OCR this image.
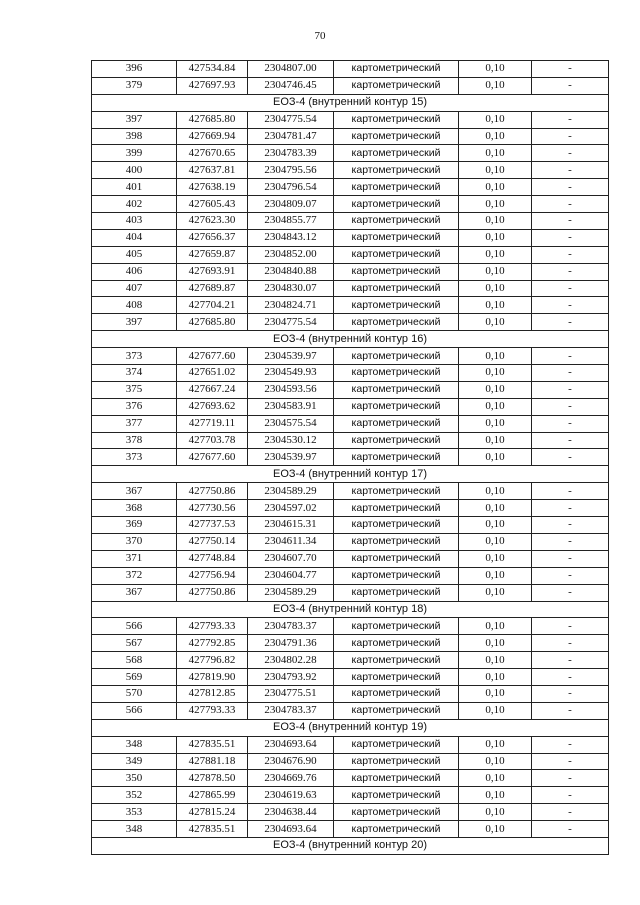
70
396	427534.84	2304807.00	картометрический	0,10	-
379	427697.93	2304746.45	картометрический	0,10	-
ЕОЗ-4 (внутренний контур 15)					
397	427685.80	2304775.54	картометрический	0,10	-
398	427669.94	2304781.47	картометрический	0,10	-
399	427670.65	2304783.39	картометрический	0,10	-
400	427637.81	2304795.56	картометрический	0,10	-
401	427638.19	2304796.54	картометрический	0,10	-
402	427605.43	2304809.07	картометрический	0,10	-
403	427623.30	2304855.77	картометрический	0,10	-
404	427656.37	2304843.12	картометрический	0,10	-
405	427659.87	2304852.00	картометрический	0,10	-
406	427693.91	2304840.88	картометрический	0,10	-
407	427689.87	2304830.07	картометрический	0,10	-
408	427704.21	2304824.71	картометрический	0,10	-
397	427685.80	2304775.54	картометрический	0,10	-
ЕОЗ-4 (внутренний контур 16)					
373	427677.60	2304539.97	картометрический	0,10	-
374	427651.02	2304549.93	картометрический	0,10	-
375	427667.24	2304593.56	картометрический	0,10	-
376	427693.62	2304583.91	картометрический	0,10	-
377	427719.11	2304575.54	картометрический	0,10	-
378	427703.78	2304530.12	картометрический	0,10	-
373	427677.60	2304539.97	картометрический	0,10	-
ЕОЗ-4 (внутренний контур 17)					
367	427750.86	2304589.29	картометрический	0,10	-
368	427730.56	2304597.02	картометрический	0,10	-
369	427737.53	2304615.31	картометрический	0,10	-
370	427750.14	2304611.34	картометрический	0,10	-
371	427748.84	2304607.70	картометрический	0,10	-
372	427756.94	2304604.77	картометрический	0,10	-
367	427750.86	2304589.29	картометрический	0,10	-
ЕОЗ-4 (внутренний контур 18)					
566	427793.33	2304783.37	картометрический	0,10	-
567	427792.85	2304791.36	картометрический	0,10	-
568	427796.82	2304802.28	картометрический	0,10	-
569	427819.90	2304793.92	картометрический	0,10	-
570	427812.85	2304775.51	картометрический	0,10	-
566	427793.33	2304783.37	картометрический	0,10	-
ЕОЗ-4 (внутренний контур 19)					
348	427835.51	2304693.64	картометрический	0,10	-
349	427881.18	2304676.90	картометрический	0,10	-
350	427878.50	2304669.76	картометрический	0,10	-
352	427865.99	2304619.63	картометрический	0,10	-
353	427815.24	2304638.44	картометрический	0,10	-
348	427835.51	2304693.64	картометрический	0,10	-
ЕОЗ-4 (внутренний контур 20)					
